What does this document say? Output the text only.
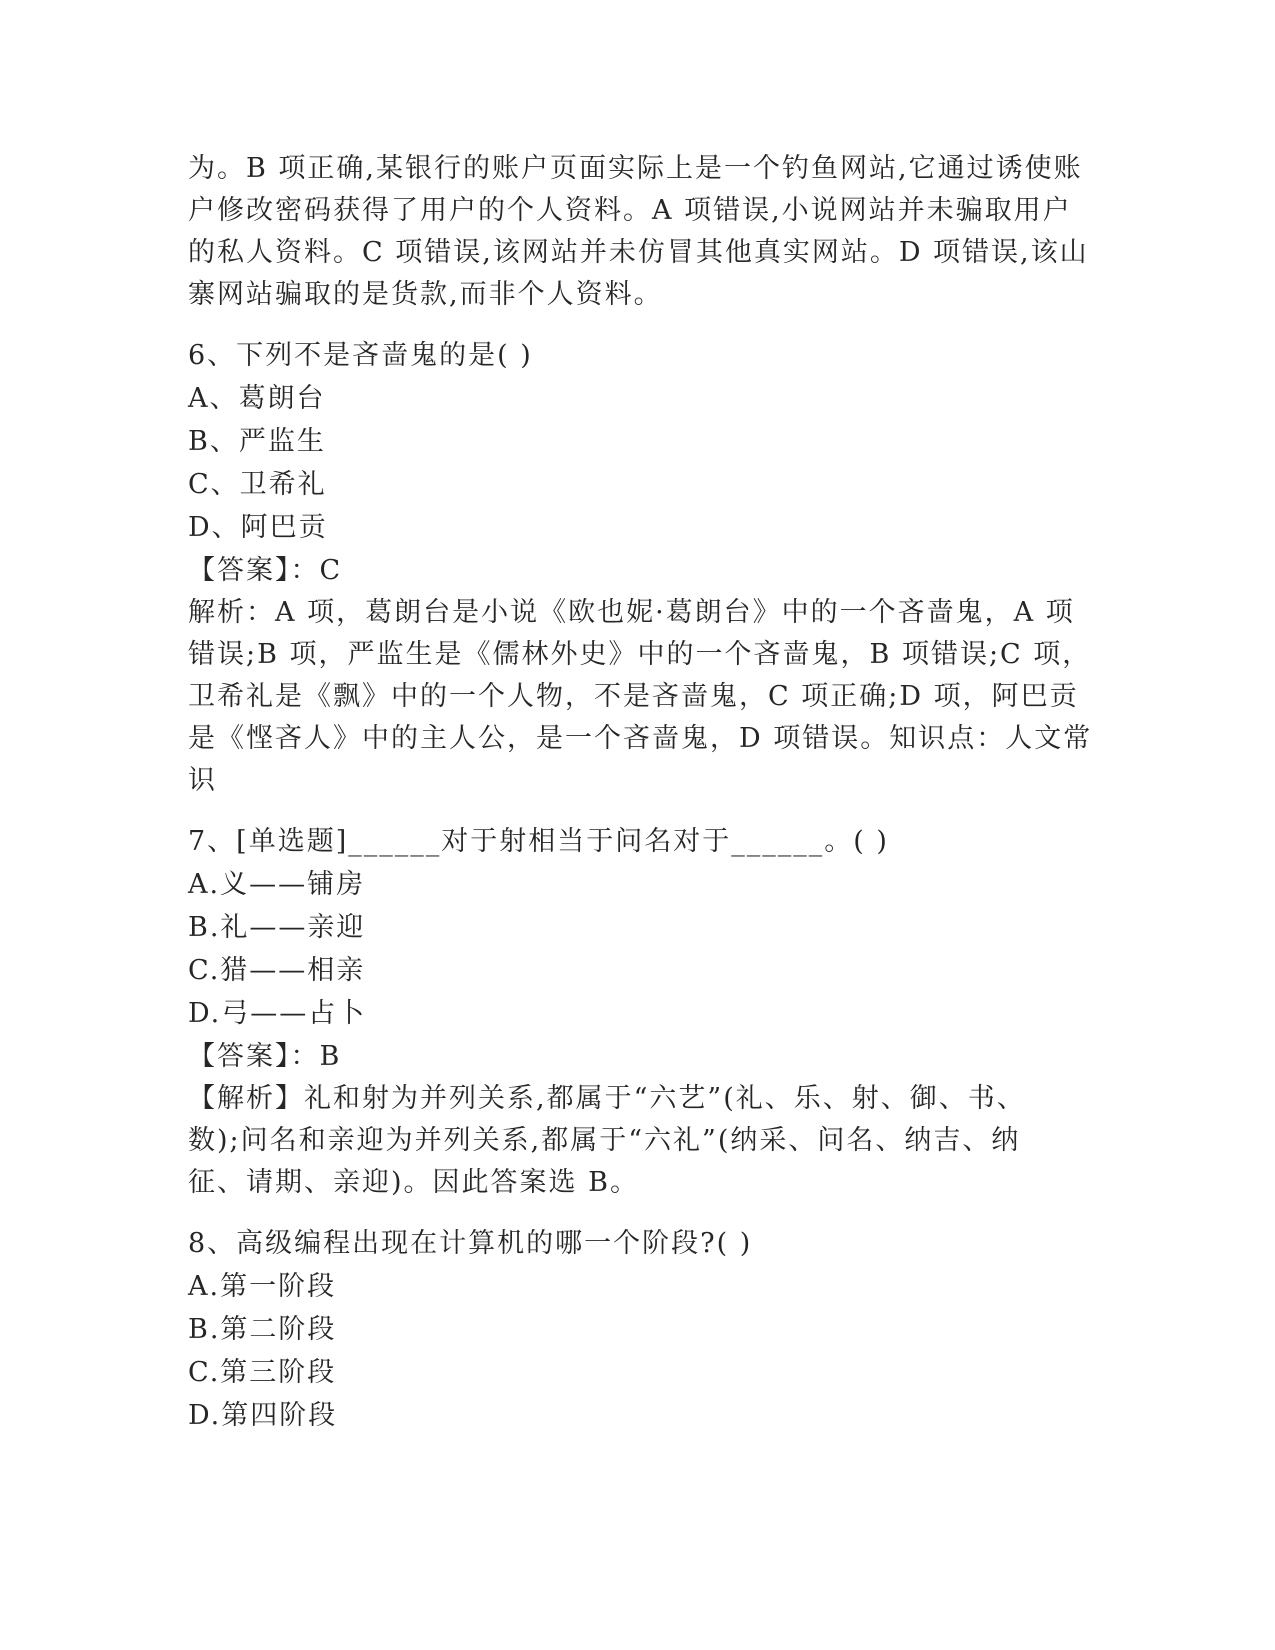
为。B 项正确,某银行的账户页面实际上是一个钓鱼网站,它通过诱使账
户修改密码获得了用户的个人资料。A 项错误,小说网站并未骗取用户
的私人资料。C 项错误,该网站并未仿冒其他真实网站。D 项错误,该山
寨网站骗取的是货款,而非个人资料。
6、下列不是吝啬鬼的是( )
A、葛朗台
B、严监生
C、卫希礼
D、阿巴贡
【答案】：C
解析：A 项，葛朗台是小说《欧也妮·葛朗台》中的一个吝啬鬼，A 项
错误;B 项，严监生是《儒林外史》中的一个吝啬鬼，B 项错误;C 项，
卫希礼是《飘》中的一个人物，不是吝啬鬼，C 项正确;D 项，阿巴贡
是《悭吝人》中的主人公，是一个吝啬鬼，D 项错误。知识点：人文常
识
7、[单选题]______对于射相当于问名对于______。( )
A.义——铺房
B.礼——亲迎
C.猎——相亲
D.弓——占卜
【答案】：B
【解析】礼和射为并列关系,都属于“六艺”(礼、乐、射、御、书、
数);问名和亲迎为并列关系,都属于“六礼”(纳采、问名、纳吉、纳
征、请期、亲迎)。因此答案选 B。
8、高级编程出现在计算机的哪一个阶段?( )
A.第一阶段
B.第二阶段
C.第三阶段
D.第四阶段
